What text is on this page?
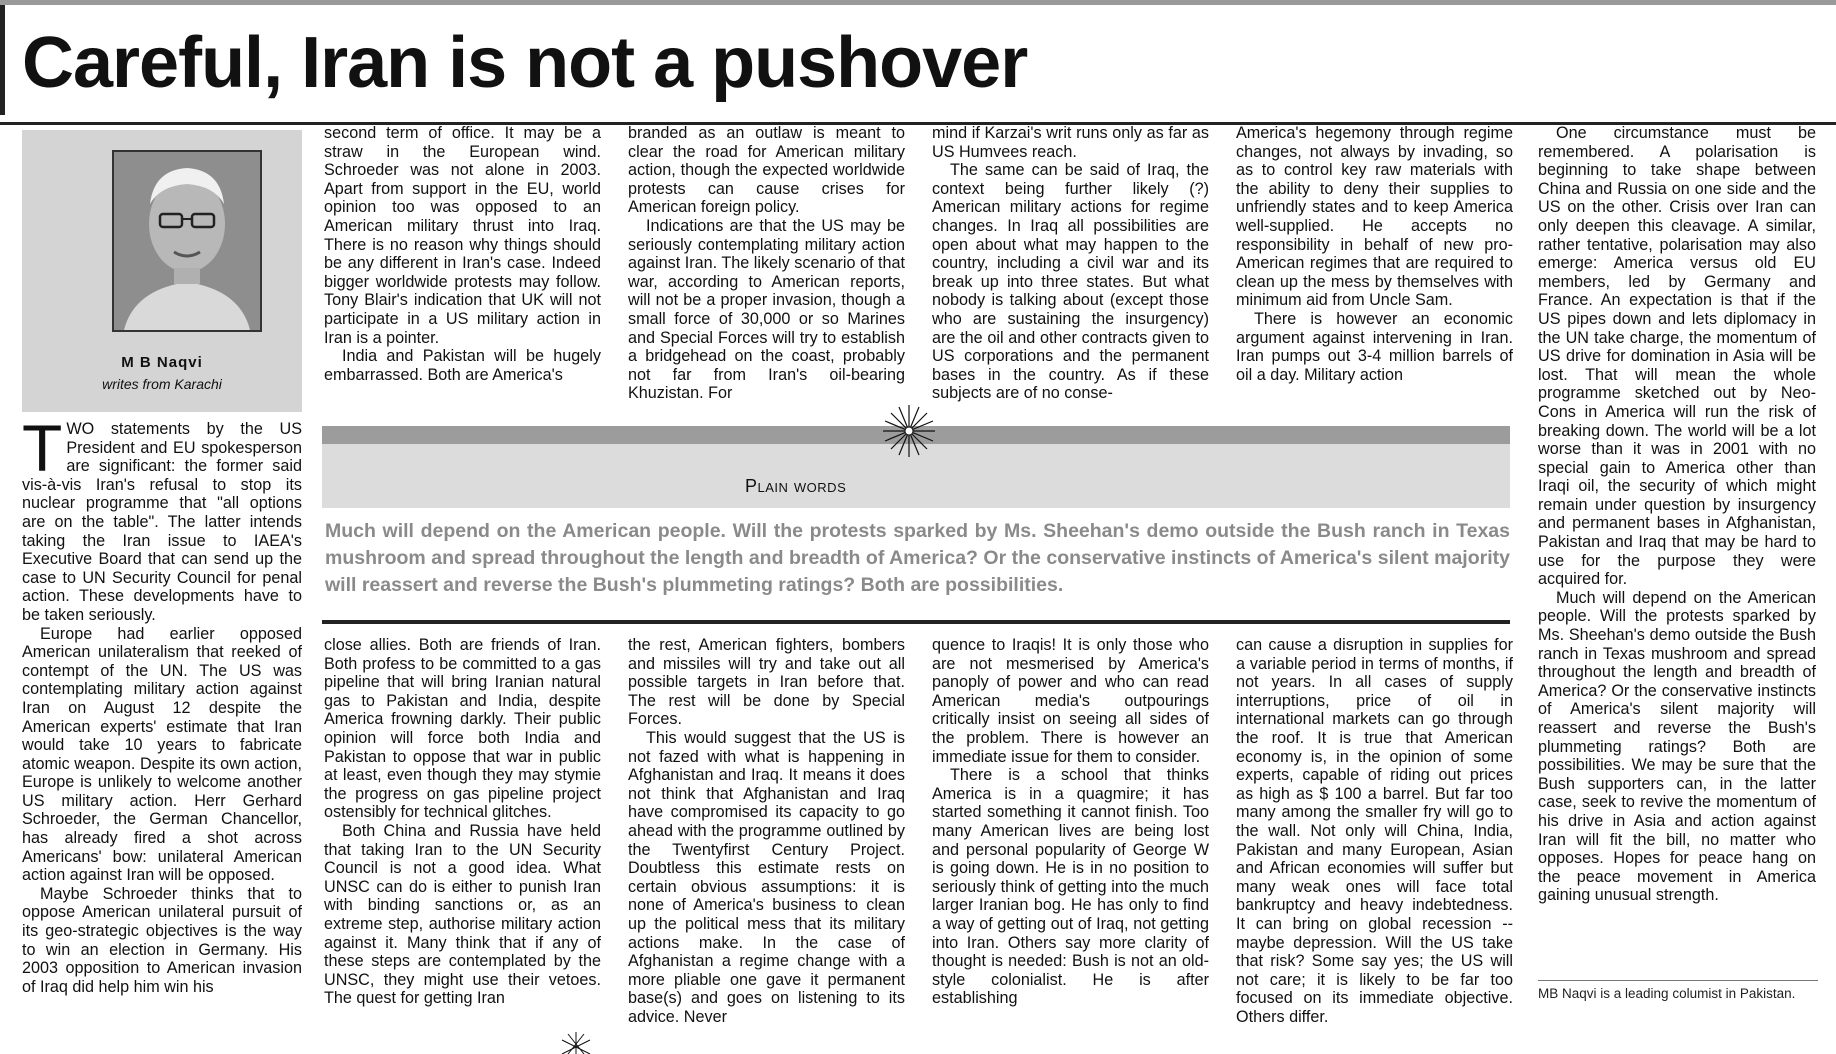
Careful, Iran is not a pushover
M B Naqvi
writes from Karachi
T WO statements by the US President and EU spokesperson are significant: the former said vis-à-vis Iran's refusal to stop its nuclear programme that "all options are on the table". The latter intends taking the Iran issue to IAEA's Executive Board that can send up the case to UN Security Council for penal action. These developments have to be taken seriously.

Europe had earlier opposed American unilateralism that reeked of contempt of the UN. The US was contemplating military action against Iran on August 12 despite the American experts' estimate that Iran would take 10 years to fabricate atomic weapon. Despite its own action, Europe is unlikely to welcome another US military action. Herr Gerhard Schroeder, the German Chancellor, has already fired a shot across Americans' bow: unilateral American action against Iran will be opposed.

Maybe Schroeder thinks that to oppose American unilateral pursuit of its geo-strategic objectives is the way to win an election in Germany. His 2003 opposition to American invasion of Iraq did help him win his

second term of office. It may be a straw in the European wind. Schroeder was not alone in 2003. Apart from support in the EU, world opinion too was opposed to an American military thrust into Iraq. There is no reason why things should be any different in Iran's case. Indeed bigger worldwide protests may follow. Tony Blair's indication that UK will not participate in a US military action in Iran is a pointer.

India and Pakistan will be hugely embarrassed. Both are America's

branded as an outlaw is meant to clear the road for American military action, though the expected worldwide protests can cause crises for American foreign policy.

Indications are that the US may be seriously contemplating military action against Iran. The likely scenario of that war, according to American reports, will not be a proper invasion, though a small force of 30,000 or so Marines and Special Forces will try to establish a bridgehead on the coast, probably not far from Iran's oil-bearing Khuzistan. For

mind if Karzai's writ runs only as far as US Humvees reach.

The same can be said of Iraq, the context being further likely (?) American military actions for regime changes. In Iraq all possibilities are open about what may happen to the country, including a civil war and its break up into three states. But what nobody is talking about (except those who are sustaining the insurgency) are the oil and other contracts given to US corporations and the permanent bases in the country. As if these subjects are of no conse-

America's hegemony through regime changes, not always by invading, so as to control key raw materials with the ability to deny their supplies to unfriendly states and to keep America well-supplied. He accepts no responsibility in behalf of new pro-American regimes that are required to clean up the mess by themselves with minimum aid from Uncle Sam.

There is however an economic argument against intervening in Iran. Iran pumps out 3-4 million barrels of oil a day. Military action

One circumstance must be remembered. A polarisation is beginning to take shape between China and Russia on one side and the US on the other. Crisis over Iran can only deepen this cleavage. A similar, rather tentative, polarisation may also emerge: America versus old EU members, led by Germany and France. An expectation is that if the US pipes down and lets diplomacy in the UN take charge, the momentum of US drive for domination in Asia will be lost. That will mean the whole programme sketched out by Neo-Cons in America will run the risk of breaking down. The world will be a lot worse than it was in 2001 with no special gain to America other than Iraqi oil, the security of which might remain under question by insurgency and permanent bases in Afghanistan, Pakistan and Iraq that may be hard to use for the purpose they were acquired for.

Much will depend on the American people. Will the protests sparked by Ms. Sheehan's demo outside the Bush ranch in Texas mushroom and spread throughout the length and breadth of America? Or the conservative instincts of America's silent majority will reassert and reverse the Bush's plummeting ratings? Both are possibilities. We may be sure that the Bush supporters can, in the latter case, seek to revive the momentum of his drive in Asia and action against Iran will fit the bill, no matter who opposes. Hopes for peace hang on the peace movement in America gaining unusual strength.

Plain words
Much will depend on the American people. Will the protests sparked by Ms. Sheehan's demo outside the Bush ranch in Texas mushroom and spread throughout the length and breadth of America? Or the conservative instincts of America's silent majority will reassert and reverse the Bush's plummeting ratings? Both are possibilities.

close allies. Both are friends of Iran. Both profess to be committed to a gas pipeline that will bring Iranian natural gas to Pakistan and India, despite America frowning darkly. Their public opinion will force both India and Pakistan to oppose that war in public at least, even though they may stymie the progress on gas pipeline project ostensibly for technical glitches.

Both China and Russia have held that taking Iran to the UN Security Council is not a good idea. What UNSC can do is either to punish Iran with binding sanctions or, as an extreme step, authorise military action against it. Many think that if any of these steps are contemplated by the UNSC, they might use their vetoes. The quest for getting Iran

the rest, American fighters, bombers and missiles will try and take out all possible targets in Iran before that. The rest will be done by Special Forces.

This would suggest that the US is not fazed with what is happening in Afghanistan and Iraq. It means it does not think that Afghanistan and Iraq have compromised its capacity to go ahead with the programme outlined by the Twentyfirst Century Project. Doubtless this estimate rests on certain obvious assumptions: it is none of America's business to clean up the political mess that its military actions make. In the case of Afghanistan a regime change with a more pliable one gave it permanent base(s) and goes on listening to its advice. Never

quence to Iraqis! It is only those who are not mesmerised by America's panoply of power and who can read American media's outpourings critically insist on seeing all sides of the problem. There is however an immediate issue for them to consider.

There is a school that thinks America is in a quagmire; it has started something it cannot finish. Too many American lives are being lost and personal popularity of George W is going down. He is in no position to seriously think of getting into the much larger Iranian bog. He has only to find a way of getting out of Iraq, not getting into Iran. Others say more clarity of thought is needed: Bush is not an old-style colonialist. He is after establishing

can cause a disruption in supplies for a variable period in terms of months, if not years. In all cases of supply interruptions, price of oil in international markets can go through the roof. It is true that American economy is, in the opinion of some experts, capable of riding out prices as high as $ 100 a barrel. But far too many among the smaller fry will go to the wall. Not only will China, India, Pakistan and many European, Asian and African economies will suffer but many weak ones will face total bankruptcy and heavy indebtedness. It can bring on global recession -- maybe depression. Will the US take that risk? Some say yes; the US will not care; it is likely to be far too focused on its immediate objective. Others differ.

MB Naqvi is a leading columist in Pakistan.
